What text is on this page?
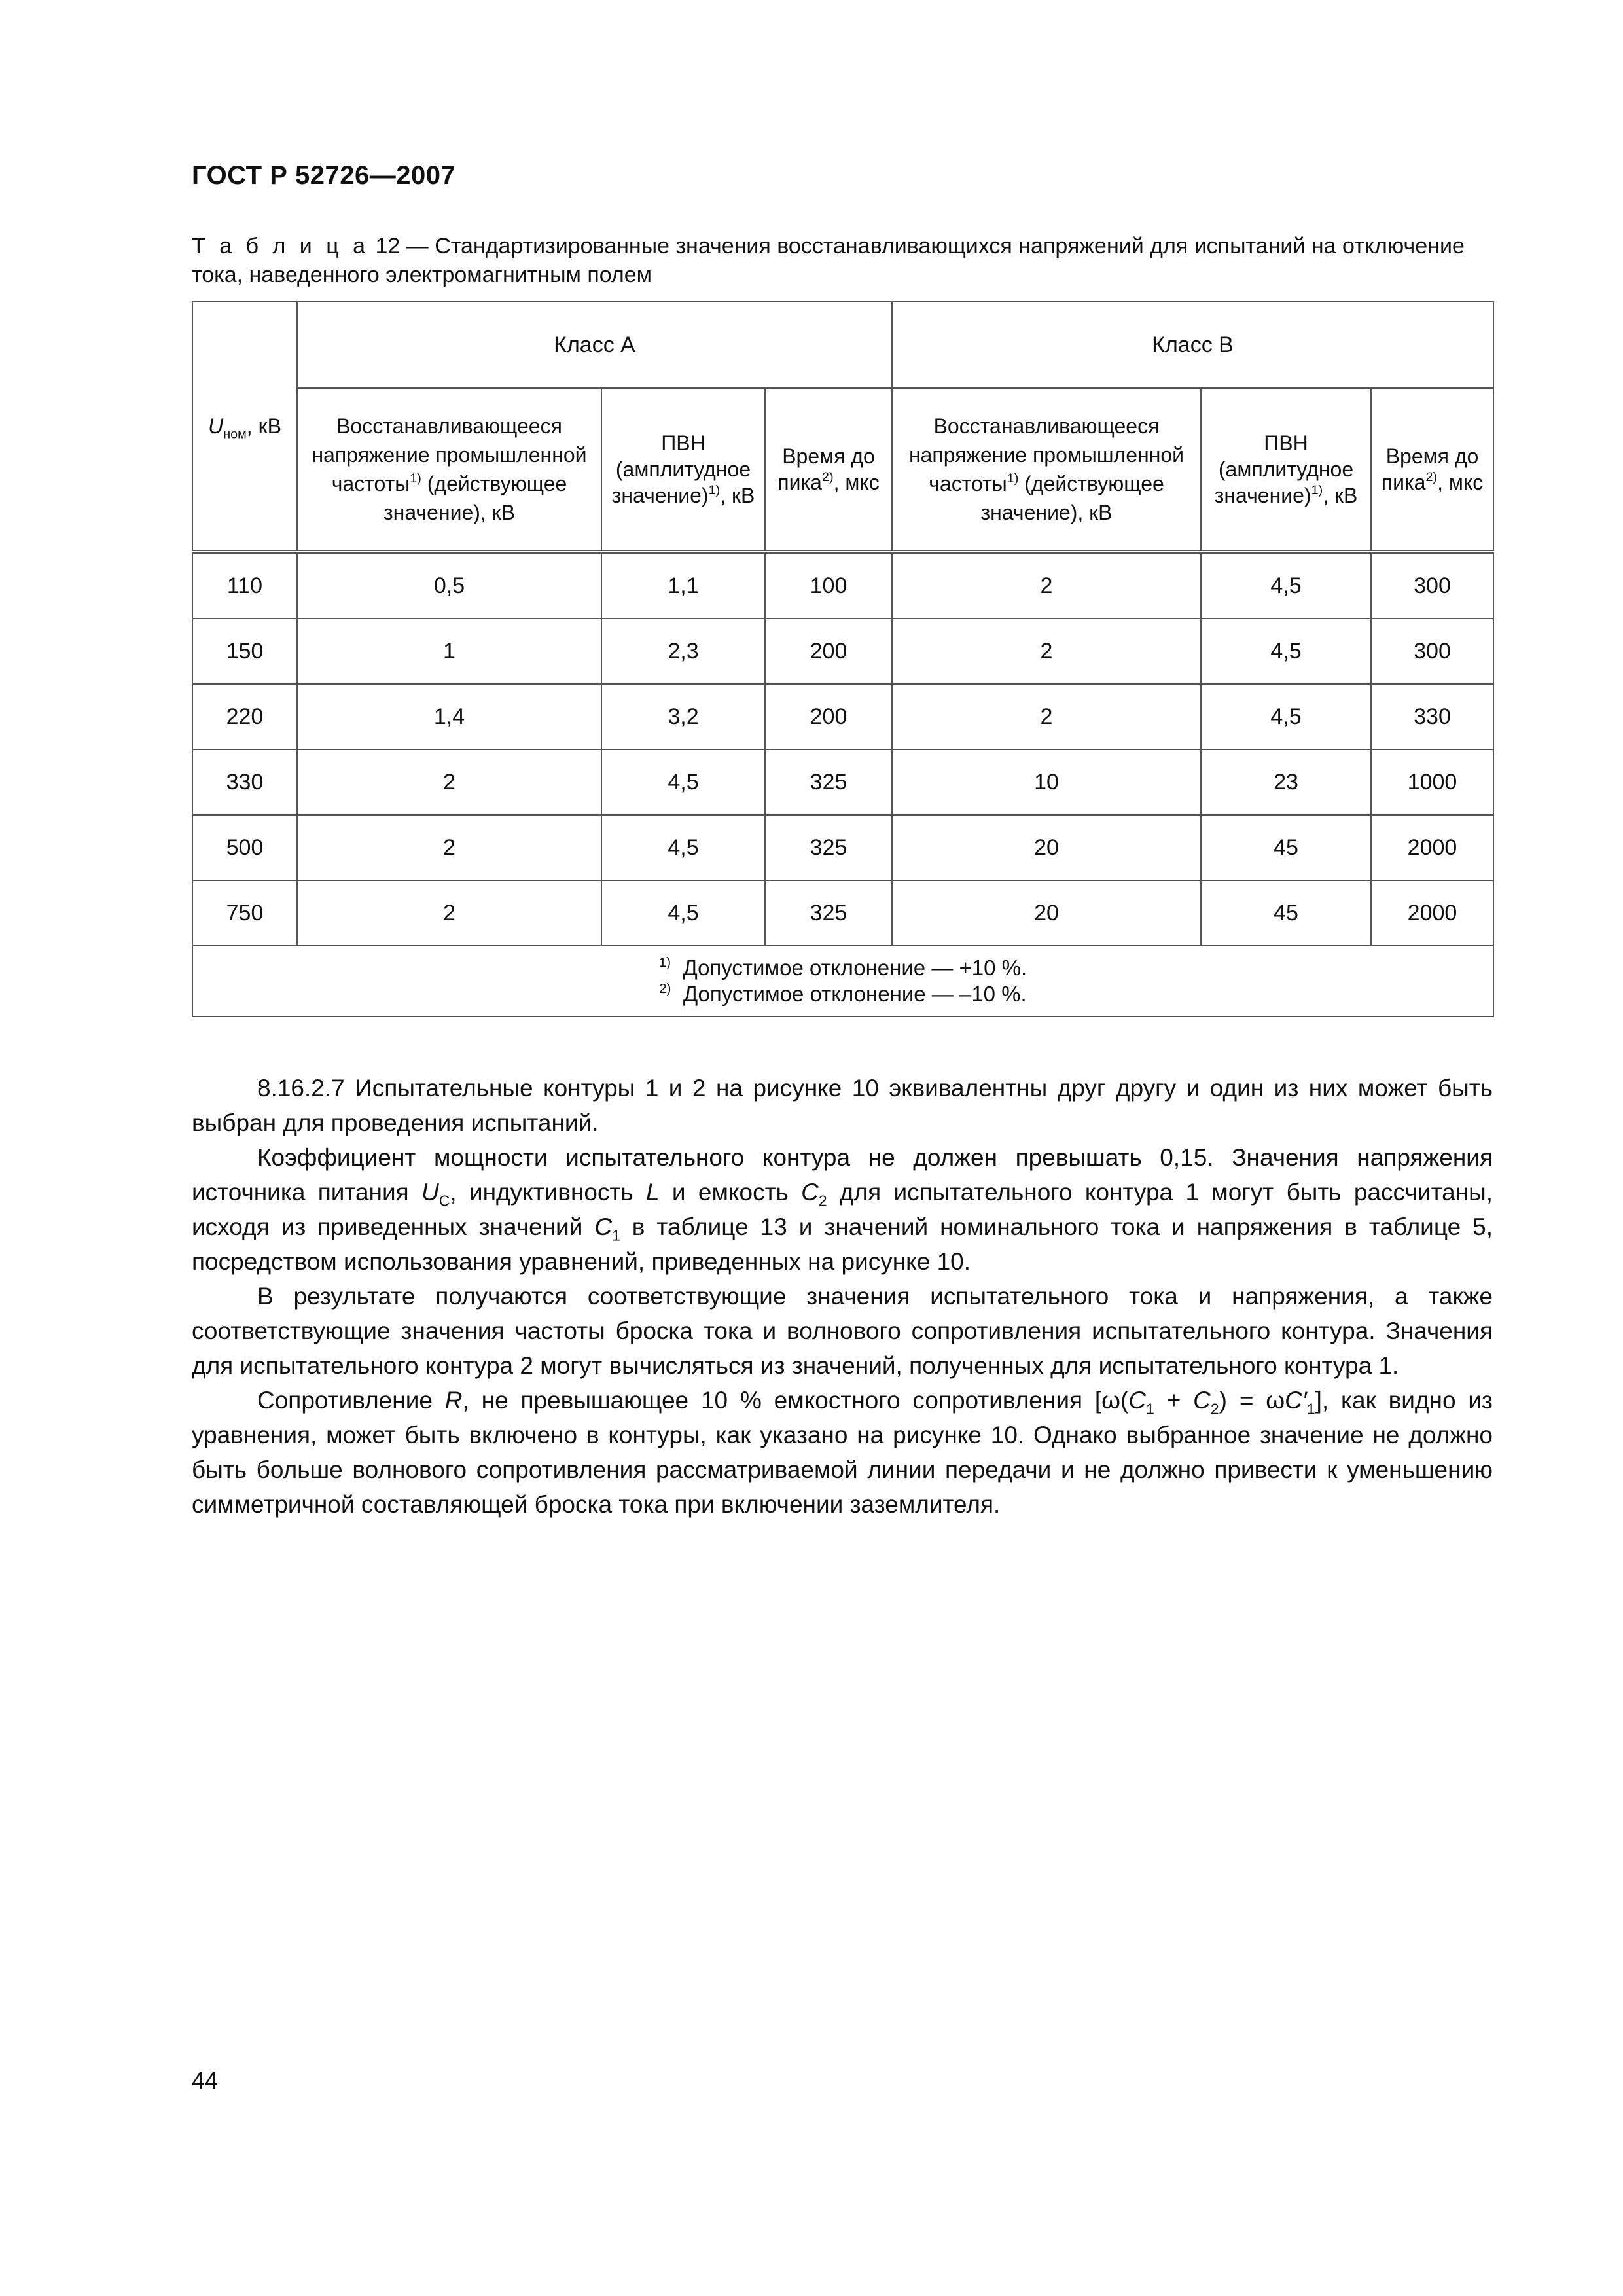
ГОСТ Р 52726—2007
Т а б л и ц а 12 — Стандартизированные значения восстанавливающихся напряжений для испытаний на отключение тока, наведенного электромагнитным полем
$U_{ном}$, кВ	Класс А			Класс В		
	Восстанавливающееся напряжение промышленной частоты$^{1)}$ (действующее значение), кВ	ПВН (амплитудное значение)$^{1)}$, кВ	Время до пика$^{2)}$, мкс	Восстанавливающееся напряжение промышленной частоты$^{1)}$ (действующее значение), кВ	ПВН (амплитудное значение)$^{1)}$, кВ	Время до пика$^{2)}$, мкс
110	0,5	1,1	100	2	4,5	300
150	1	2,3	200	2	4,5	300
220	1,4	3,2	200	2	4,5	330
330	2	4,5	325	10	23	1000
500	2	4,5	325	20	45	2000
750	2	4,5	325	20	45	2000

$^{1)}$ Допустимое отклонение — +10 %.
$^{2)}$ Допустимое отклонение — –10 %.						

8.16.2.7 Испытательные контуры 1 и 2 на рисунке 10 эквивалентны друг другу и один из них может быть выбран для проведения испытаний.

Коэффициент мощности испытательного контура не должен превышать 0,15. Значения напряжения источника питания $U_C$, индуктивность L и емкость $C_2$ для испытательного контура 1 могут быть рассчитаны, исходя из приведенных значений $C_1$ в таблице 13 и значений номинального тока и напряжения в таблице 5, посредством использования уравнений, приведенных на рисунке 10.

В результате получаются соответствующие значения испытательного тока и напряжения, а также соответствующие значения частоты броска тока и волнового сопротивления испытательного контура. Значения для испытательного контура 2 могут вычисляться из значений, полученных для испытательного контура 1.

Сопротивление R, не превышающее 10 % емкостного сопротивления $[\omega(C_1 + C_2) = \omega C'_1]$, как видно из уравнения, может быть включено в контуры, как указано на рисунке 10. Однако выбранное значение не должно быть больше волнового сопротивления рассматриваемой линии передачи и не должно привести к уменьшению симметричной составляющей броска тока при включении заземлителя.

44
